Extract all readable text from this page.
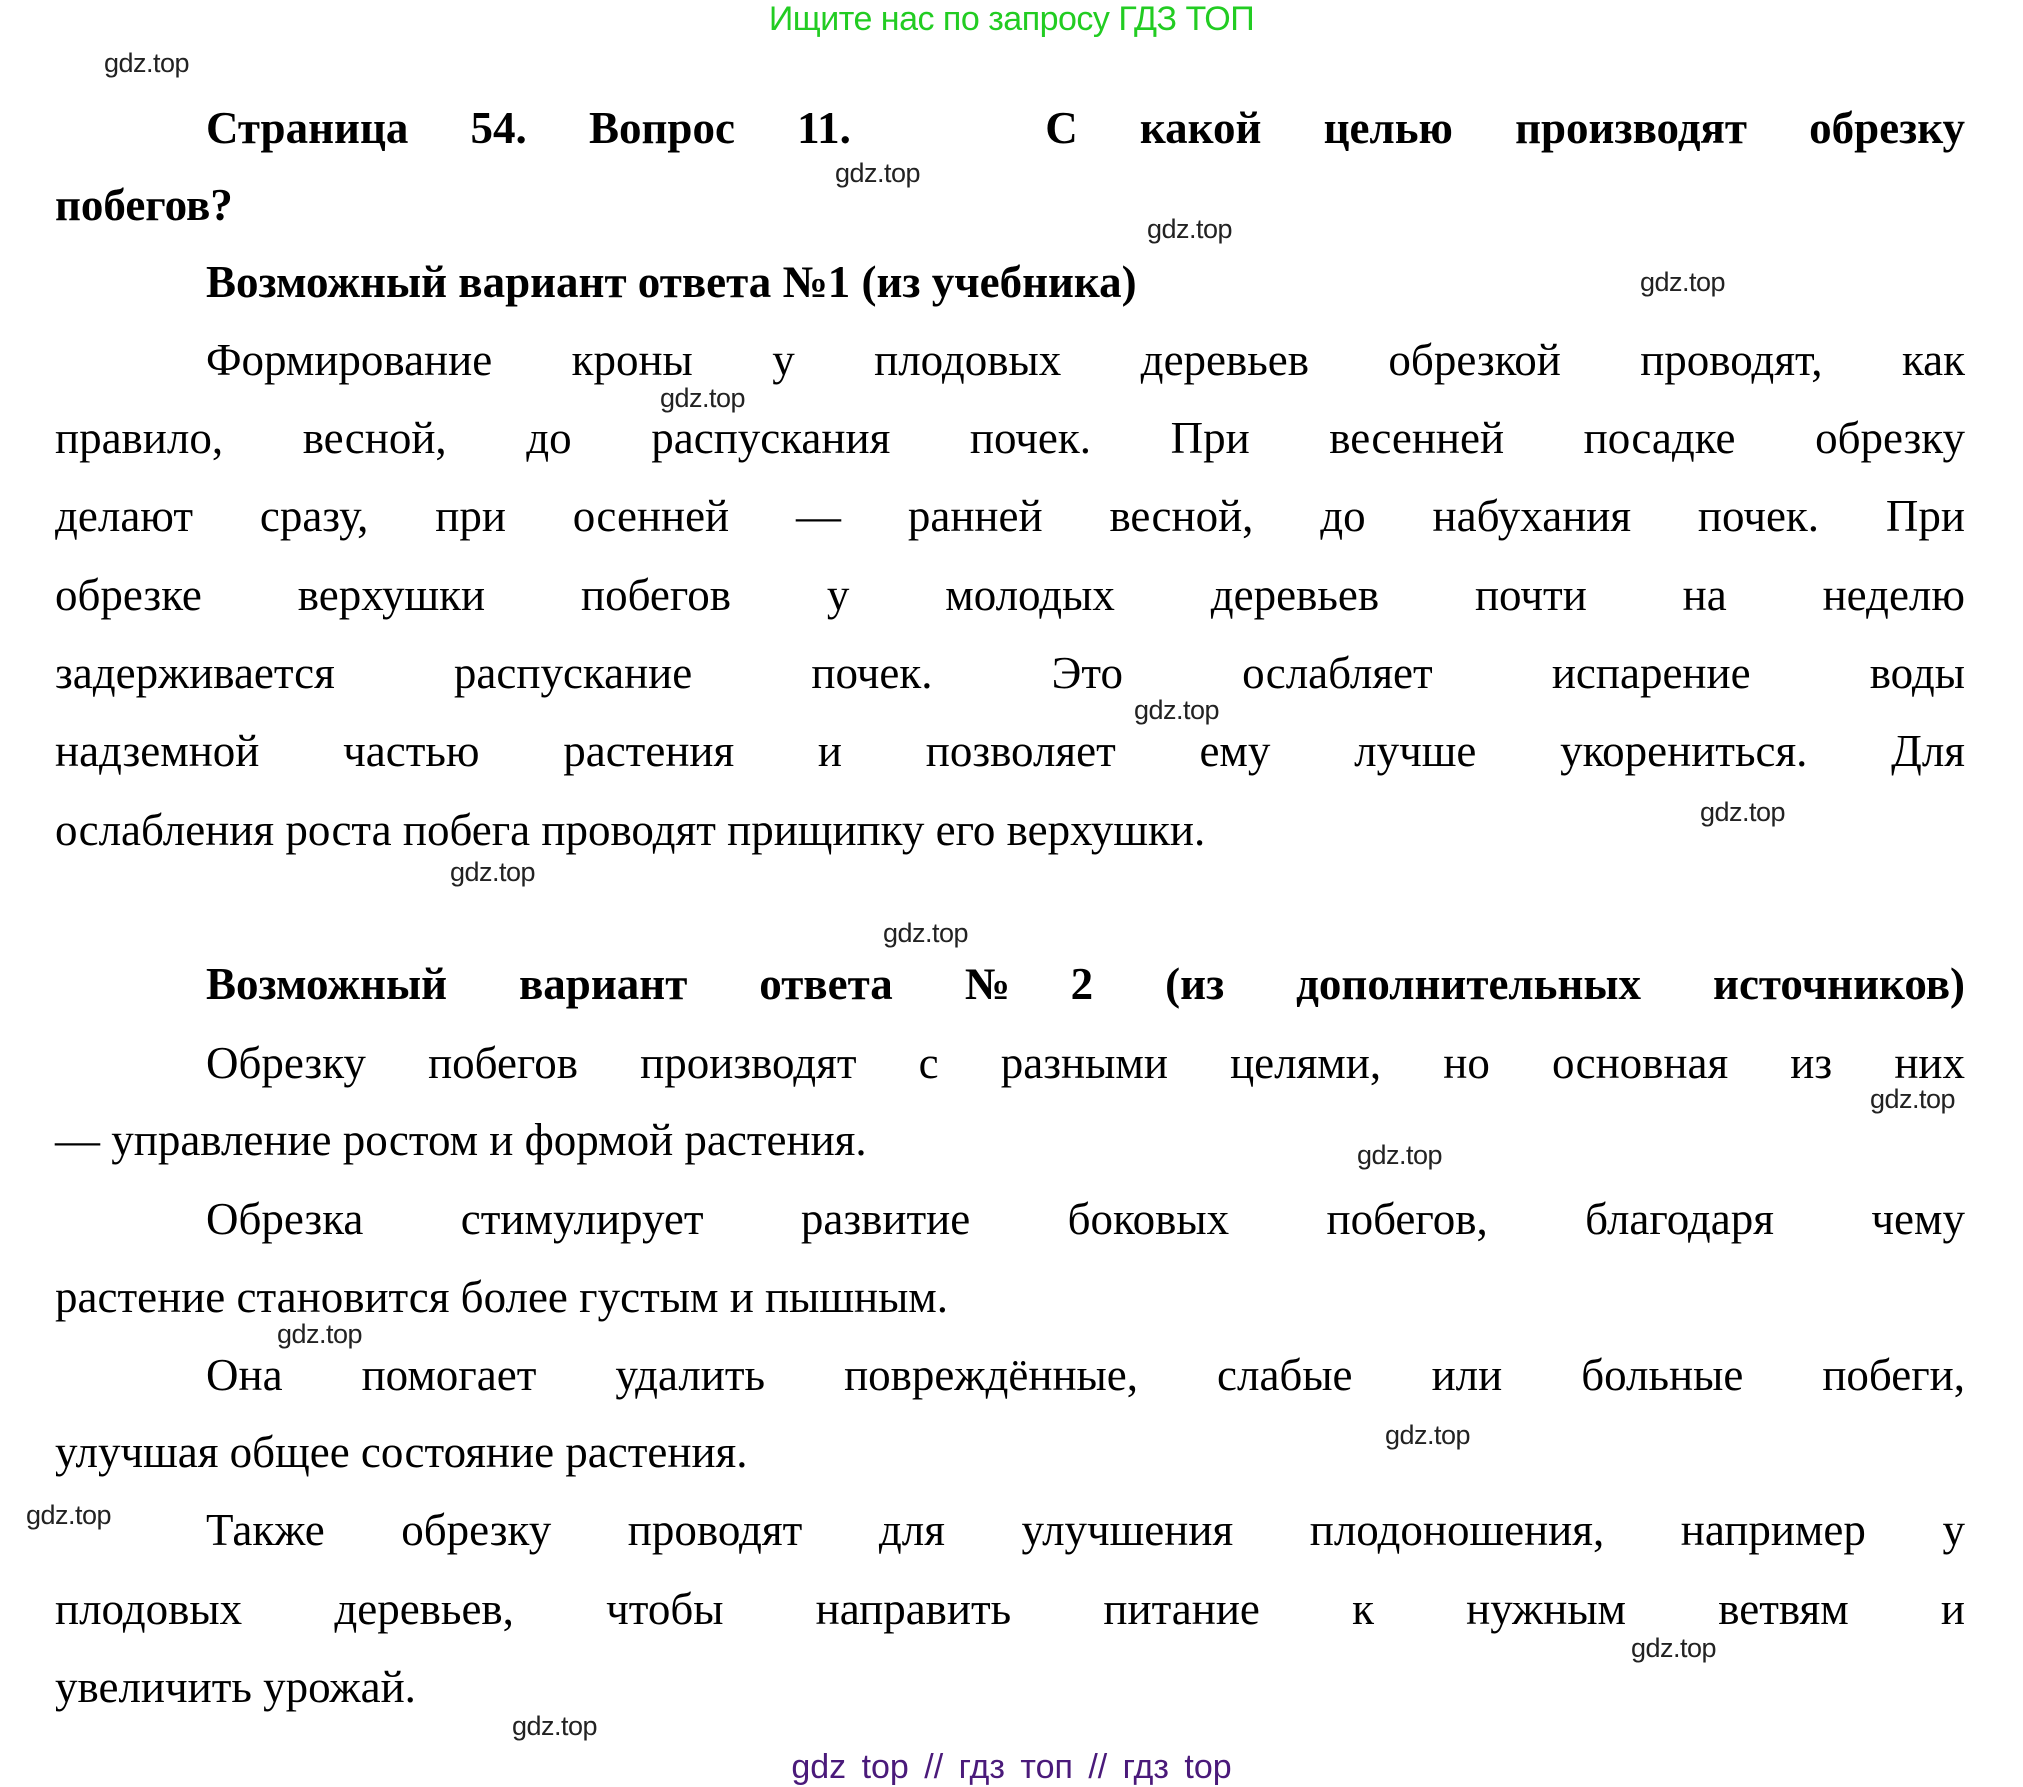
Ищите нас по запросу ГДЗ ТОП
Страница 54. Вопрос 11.	С какой целью производят обрезку
побегов?
Возможный вариант ответа №1 (из учебника)
Формирование кроны у плодовых деревьев обрезкой проводят, как
правило, весной, до распускания почек. При весенней посадке обрезку
делают сразу, при осенней — ранней весной, до набухания почек. При
обрезке верхушки побегов у молодых деревьев почти на неделю
задерживается распускание почек. Это ослабляет испарение воды
надземной частью растения и позволяет ему лучше укорениться. Для
ослабления роста побега проводят прищипку его верхушки.
Возможный вариант ответа №2 (из дополнительных источников)
Обрезку побегов производят с разными целями, но основная из них
— управление ростом и формой растения.
Обрезка стимулирует развитие боковых побегов, благодаря чему
растение становится более густым и пышным.
Она помогает удалить повреждённые, слабые или больные побеги,
улучшая общее состояние растения.
Также обрезку проводят для улучшения плодоношения, например у
плодовых деревьев, чтобы направить питание к нужным ветвям и
увеличить урожай.
gdz.top
gdz.top
gdz.top
gdz.top
gdz.top
gdz.top
gdz.top
gdz.top
gdz.top
gdz.top
gdz.top
gdz.top
gdz.top
gdz.top
gdz.top
gdz.top
gdz top // гдз топ // гдз top
